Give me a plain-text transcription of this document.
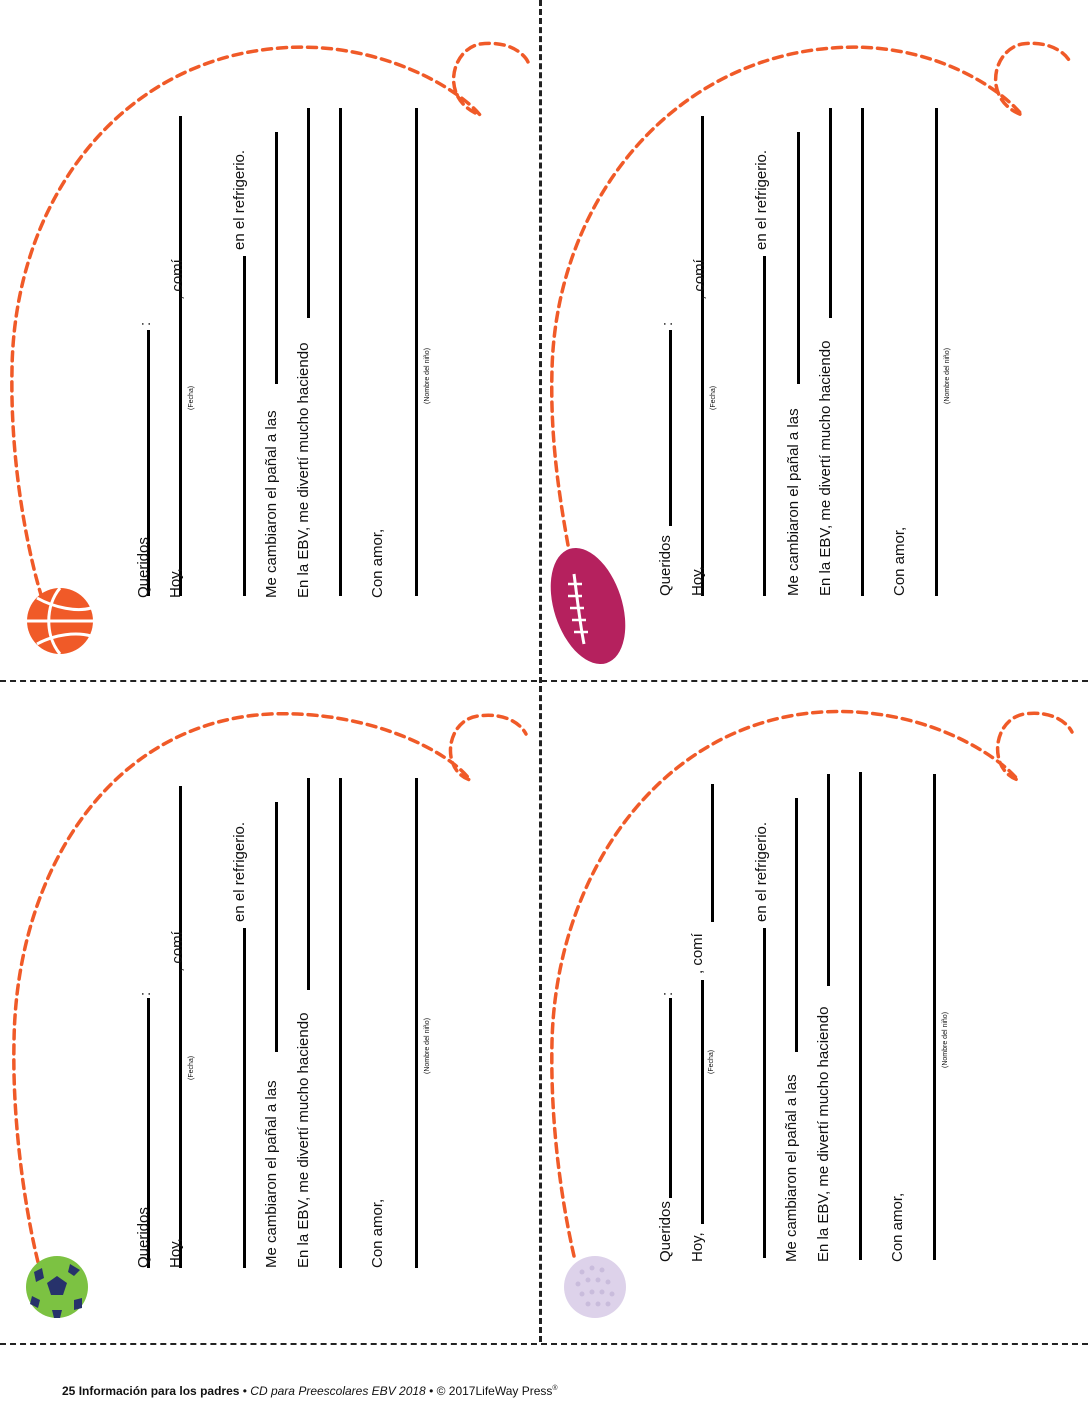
Queridos
:
Hoy,
(Fecha)
, comí
en el refrigerio.
Me cambiaron el pañal a las En la EBV, me divertí mucho haciendo	Con amor,
(Nombre del niño)
Queridos
:
Hoy,
(Fecha)
, comí
en el refrigerio.
Me cambiaron el pañal a las En la EBV, me divertí mucho haciendo	Con amor,
(Nombre del niño)
Queridos
:
Hoy,
(Fecha)
, comí
en el refrigerio.
Me cambiaron el pañal a las En la EBV, me divertí mucho haciendo	Con amor,
(Nombre del niño)
Queridos
:
Hoy,
(Fecha)
, comí
en el refrigerio.
Me cambiaron el pañal a las En la EBV, me divertí mucho haciendo	Con amor,
(Nombre del niño)
25 Información para los padres • CD para Preescolares EBV 2018 • © 2017LifeWay Press®
